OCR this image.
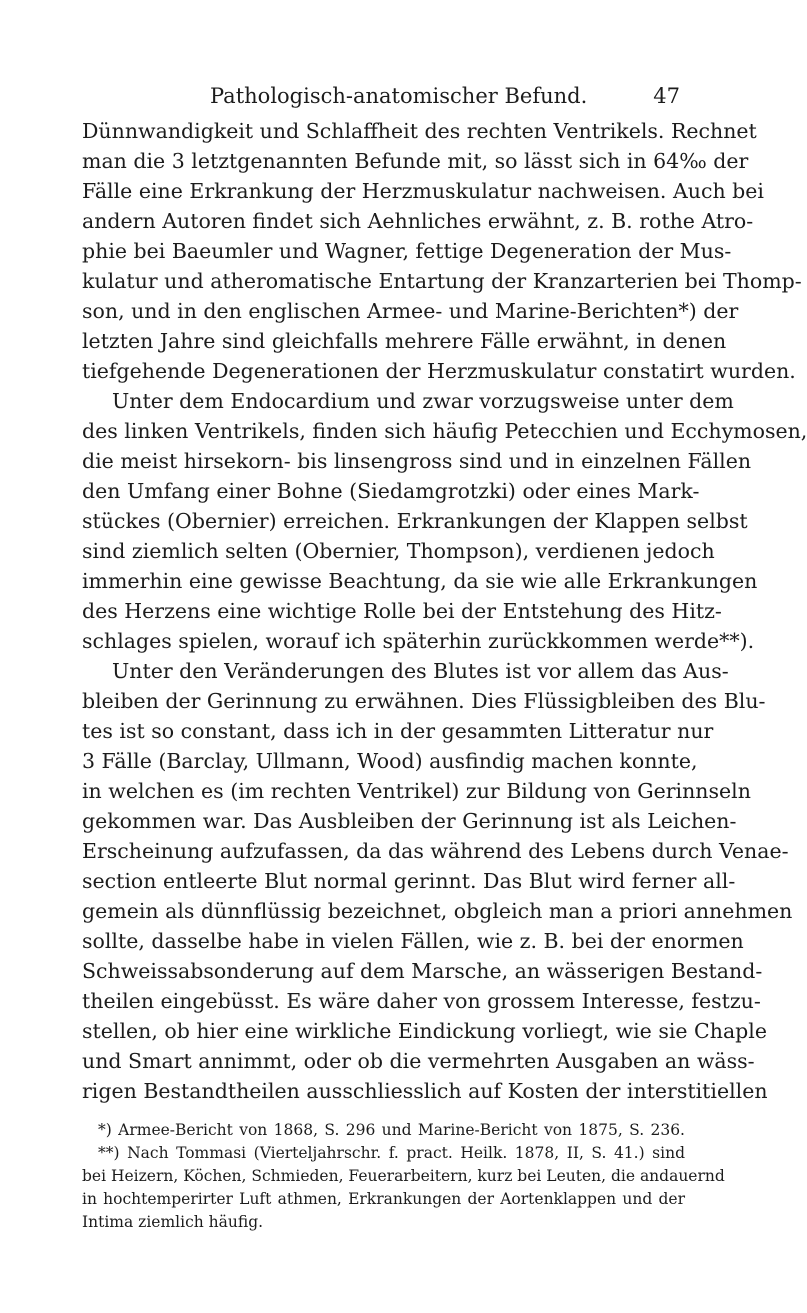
Pathologisch-anatomischer Befund.	47
Dünnwandigkeit und Schlaffheit des rechten Ventrikels. Rechnet
man die 3 letztgenannten Befunde mit, so lässt sich in 64‰ der
Fälle eine Erkrankung der Herzmuskulatur nachweisen. Auch bei
andern Autoren findet sich Aehnliches erwähnt, z. B. rothe Atro-
phie bei Baeumler und Wagner, fettige Degeneration der Mus-
kulatur und atheromatische Entartung der Kranzarterien bei Thomp-
son, und in den englischen Armee- und Marine-Berichten*) der
letzten Jahre sind gleichfalls mehrere Fälle erwähnt, in denen
tiefgehende Degenerationen der Herzmuskulatur constatirt wurden.
Unter dem Endocardium und zwar vorzugsweise unter dem
des linken Ventrikels, finden sich häufig Petecchien und Ecchymosen,
die meist hirsekorn- bis linsengross sind und in einzelnen Fällen
den Umfang einer Bohne (Siedamgrotzki) oder eines Mark-
stückes (Obernier) erreichen. Erkrankungen der Klappen selbst
sind ziemlich selten (Obernier, Thompson), verdienen jedoch
immerhin eine gewisse Beachtung, da sie wie alle Erkrankungen
des Herzens eine wichtige Rolle bei der Entstehung des Hitz-
schlages spielen, worauf ich späterhin zurückkommen werde**).
Unter den Veränderungen des Blutes ist vor allem das Aus-
bleiben der Gerinnung zu erwähnen. Dies Flüssigbleiben des Blu-
tes ist so constant, dass ich in der gesammten Litteratur nur
3 Fälle (Barclay, Ullmann, Wood) ausfindig machen konnte,
in welchen es (im rechten Ventrikel) zur Bildung von Gerinnseln
gekommen war. Das Ausbleiben der Gerinnung ist als Leichen-
Erscheinung aufzufassen, da das während des Lebens durch Venae-
section entleerte Blut normal gerinnt. Das Blut wird ferner all-
gemein als dünnflüssig bezeichnet, obgleich man a priori annehmen
sollte, dasselbe habe in vielen Fällen, wie z. B. bei der enormen
Schweissabsonderung auf dem Marsche, an wässerigen Bestand-
theilen eingebüsst. Es wäre daher von grossem Interesse, festzu-
stellen, ob hier eine wirkliche Eindickung vorliegt, wie sie Chaple
und Smart annimmt, oder ob die vermehrten Ausgaben an wäss-
rigen Bestandtheilen ausschliesslich auf Kosten der interstitiellen
*) Armee-Bericht von 1868, S. 296 und Marine-Bericht von 1875, S. 236.
**) Nach Tommasi (Vierteljahrschr. f. pract. Heilk. 1878, II, S. 41.) sind
bei Heizern, Köchen, Schmieden, Feuerarbeitern, kurz bei Leuten, die andauernd
in hochtemperirter Luft athmen, Erkrankungen der Aortenklappen und der
Intima ziemlich häufig.
